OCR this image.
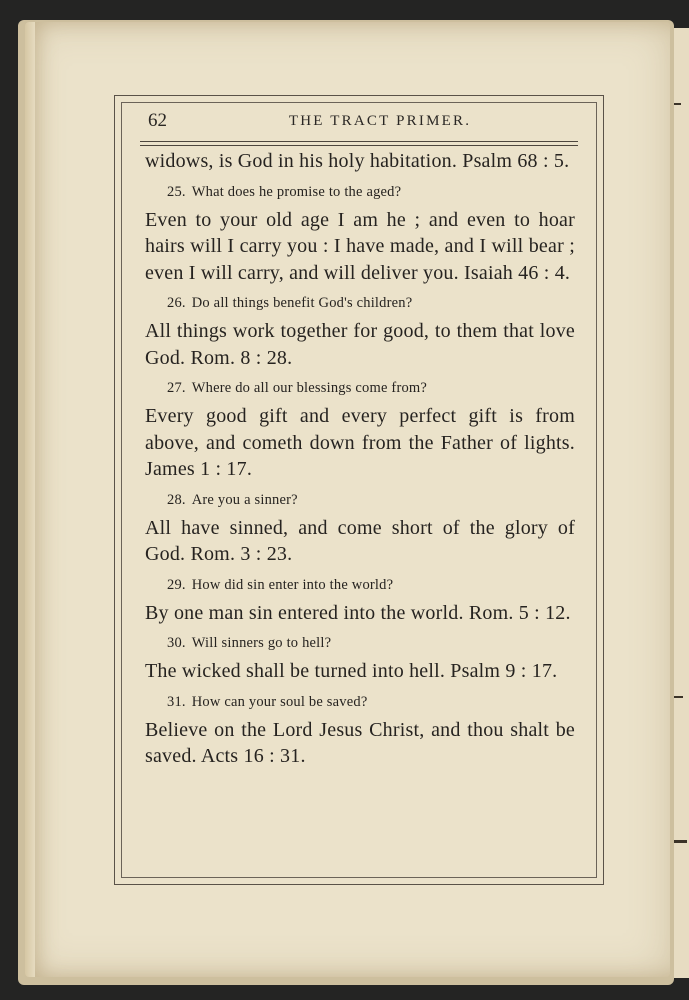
62	THE TRACT PRIMER.

widows, is God in his holy habitation. Psalm 68 : 5.

25. What does he promise to the aged?

Even to your old age I am he ; and even to hoar hairs will I carry you : I have made, and I will bear ; even I will carry, and will deliver you. Isaiah 46 : 4.

26. Do all things benefit God's children?

All things work together for good, to them that love God. Rom. 8 : 28.

27. Where do all our blessings come from?

Every good gift and every perfect gift is from above, and cometh down from the Father of lights. James 1 : 17.

28. Are you a sinner?

All have sinned, and come short of the glory of God. Rom. 3 : 23.

29. How did sin enter into the world?

By one man sin entered into the world. Rom. 5 : 12.

30. Will sinners go to hell?

The wicked shall be turned into hell. Psalm 9 : 17.

31. How can your soul be saved?

Believe on the Lord Jesus Christ, and thou shalt be saved. Acts 16 : 31.
